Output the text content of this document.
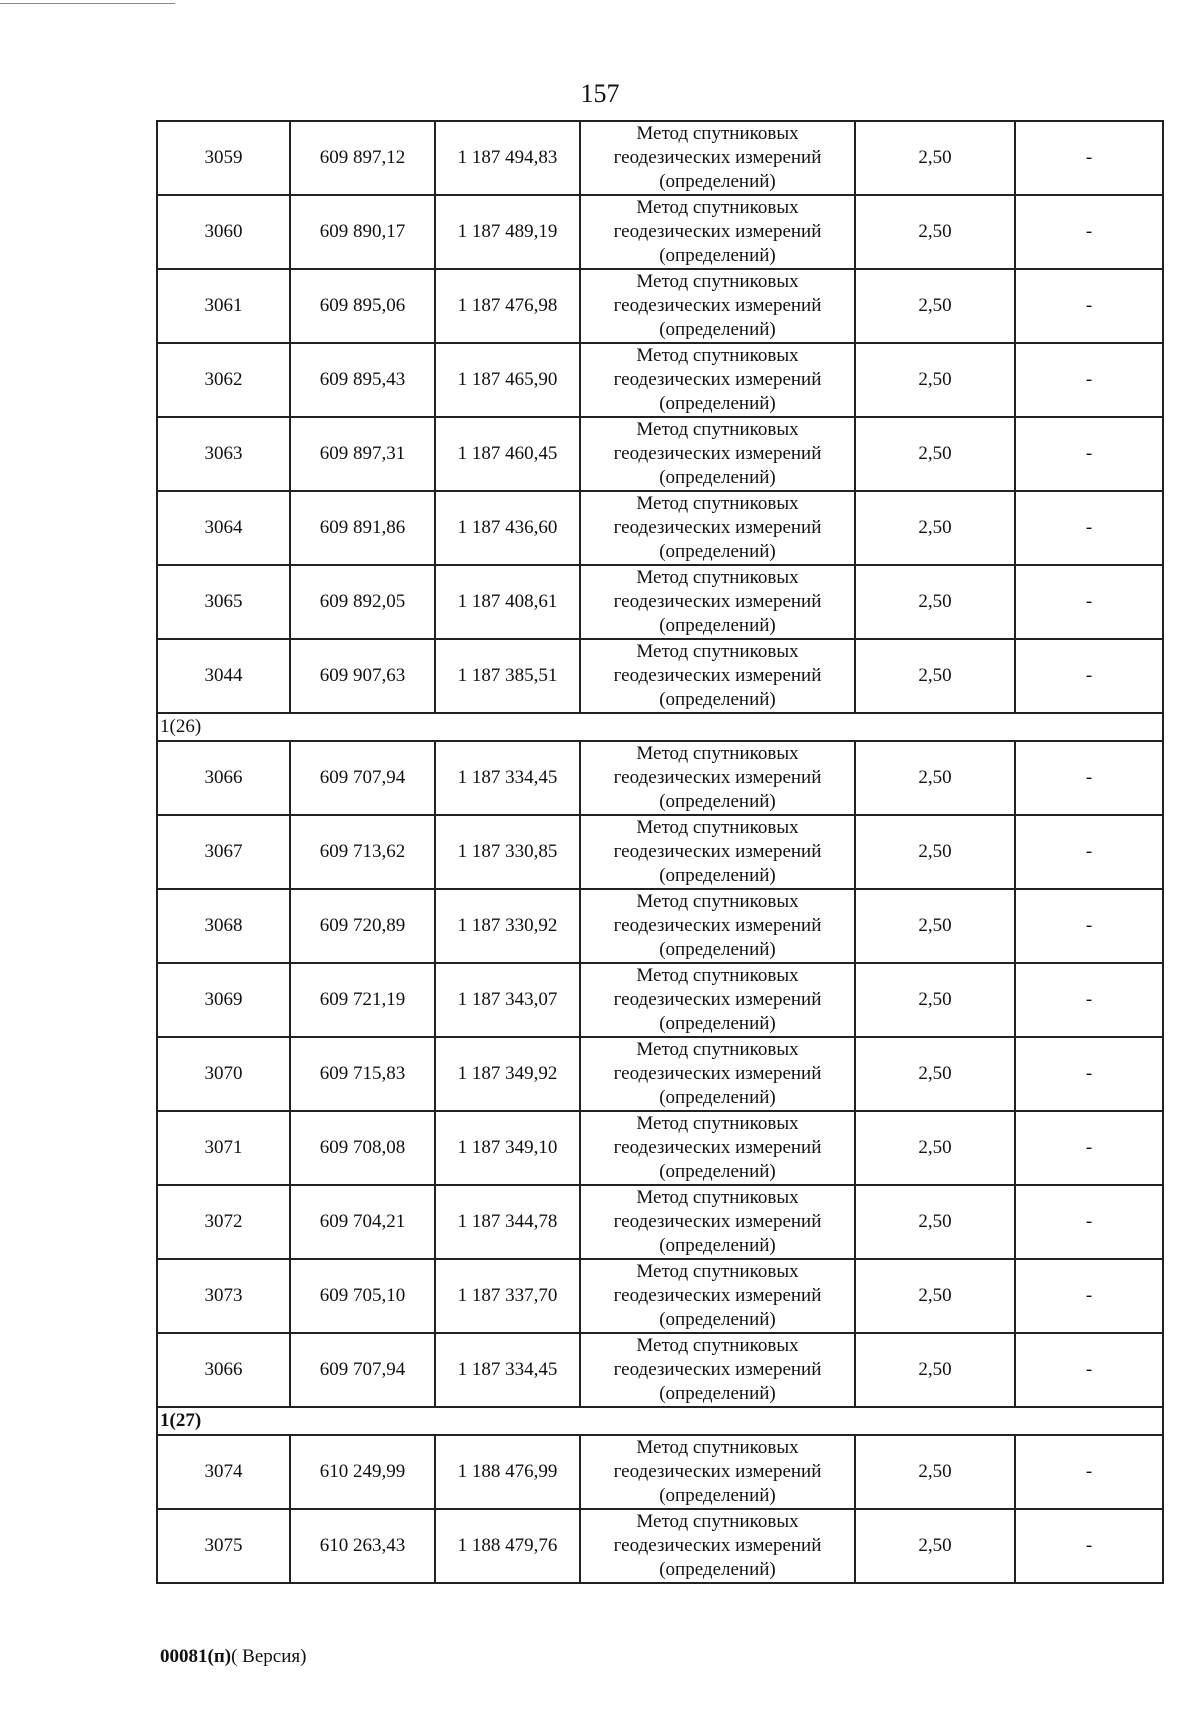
157
3059	609 897,12	1 187 494,83	Метод спутниковых
геодезических измерений
(определений)	2,50	-
3060	609 890,17	1 187 489,19	Метод спутниковых
геодезических измерений
(определений)	2,50	-
3061	609 895,06	1 187 476,98	Метод спутниковых
геодезических измерений
(определений)	2,50	-
3062	609 895,43	1 187 465,90	Метод спутниковых
геодезических измерений
(определений)	2,50	-
3063	609 897,31	1 187 460,45	Метод спутниковых
геодезических измерений
(определений)	2,50	-
3064	609 891,86	1 187 436,60	Метод спутниковых
геодезических измерений
(определений)	2,50	-
3065	609 892,05	1 187 408,61	Метод спутниковых
геодезических измерений
(определений)	2,50	-
3044	609 907,63	1 187 385,51	Метод спутниковых
геодезических измерений
(определений)	2,50	-
1(26)					
3066	609 707,94	1 187 334,45	Метод спутниковых
геодезических измерений
(определений)	2,50	-
3067	609 713,62	1 187 330,85	Метод спутниковых
геодезических измерений
(определений)	2,50	-
3068	609 720,89	1 187 330,92	Метод спутниковых
геодезических измерений
(определений)	2,50	-
3069	609 721,19	1 187 343,07	Метод спутниковых
геодезических измерений
(определений)	2,50	-
3070	609 715,83	1 187 349,92	Метод спутниковых
геодезических измерений
(определений)	2,50	-
3071	609 708,08	1 187 349,10	Метод спутниковых
геодезических измерений
(определений)	2,50	-
3072	609 704,21	1 187 344,78	Метод спутниковых
геодезических измерений
(определений)	2,50	-
3073	609 705,10	1 187 337,70	Метод спутниковых
геодезических измерений
(определений)	2,50	-
3066	609 707,94	1 187 334,45	Метод спутниковых
геодезических измерений
(определений)	2,50	-
1(27)					
3074	610 249,99	1 188 476,99	Метод спутниковых
геодезических измерений
(определений)	2,50	-
3075	610 263,43	1 188 479,76	Метод спутниковых
геодезических измерений
(определений)	2,50	-
00081(п)( Версия)
